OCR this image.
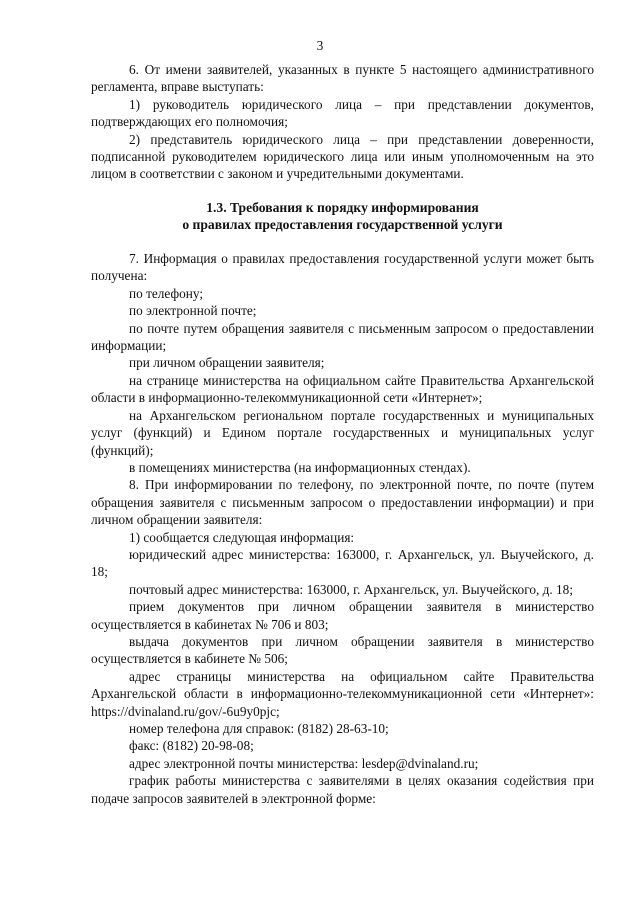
3

6. От имени заявителей, указанных в пункте 5 настоящего административного регламента, вправе выступать:

1) руководитель юридического лица – при представлении документов, подтверждающих его полномочия;

2) представитель юридического лица – при представлении доверенности, подписанной руководителем юридического лица или иным уполномоченным на это лицом в соответствии с законом и учредительными документами.

1.3. Требования к порядку информирования
о правилах предоставления государственной услуги

7. Информация о правилах предоставления государственной услуги может быть получена:

по телефону;

по электронной почте;

по почте путем обращения заявителя с письменным запросом о предоставлении информации;

при личном обращении заявителя;

на странице министерства на официальном сайте Правительства Архангельской области в информационно-телекоммуникационной сети «Интернет»;

на Архангельском региональном портале государственных и муниципальных услуг (функций) и Едином портале государственных и муниципальных услуг (функций);

в помещениях министерства (на информационных стендах).

8. При информировании по телефону, по электронной почте, по почте (путем обращения заявителя с письменным запросом о предоставлении информации) и при личном обращении заявителя:

1) сообщается следующая информация:

юридический адрес министерства: 163000, г. Архангельск, ул. Выучейского, д. 18;

почтовый адрес министерства: 163000, г. Архангельск, ул. Выучейского, д. 18;

прием документов при личном обращении заявителя в министерство осуществляется в кабинетах № 706 и 803;

выдача документов при личном обращении заявителя в министерство осуществляется в кабинете № 506;

адрес страницы министерства на официальном сайте Правительства Архангельской области в информационно-телекоммуникационной сети «Интернет»: https://dvinaland.ru/gov/-6u9y0pjc;

номер телефона для справок: (8182) 28-63-10;

факс: (8182) 20-98-08;

адрес электронной почты министерства: lesdep@dvinaland.ru;

график работы министерства с заявителями в целях оказания содействия при подаче запросов заявителей в электронной форме:
